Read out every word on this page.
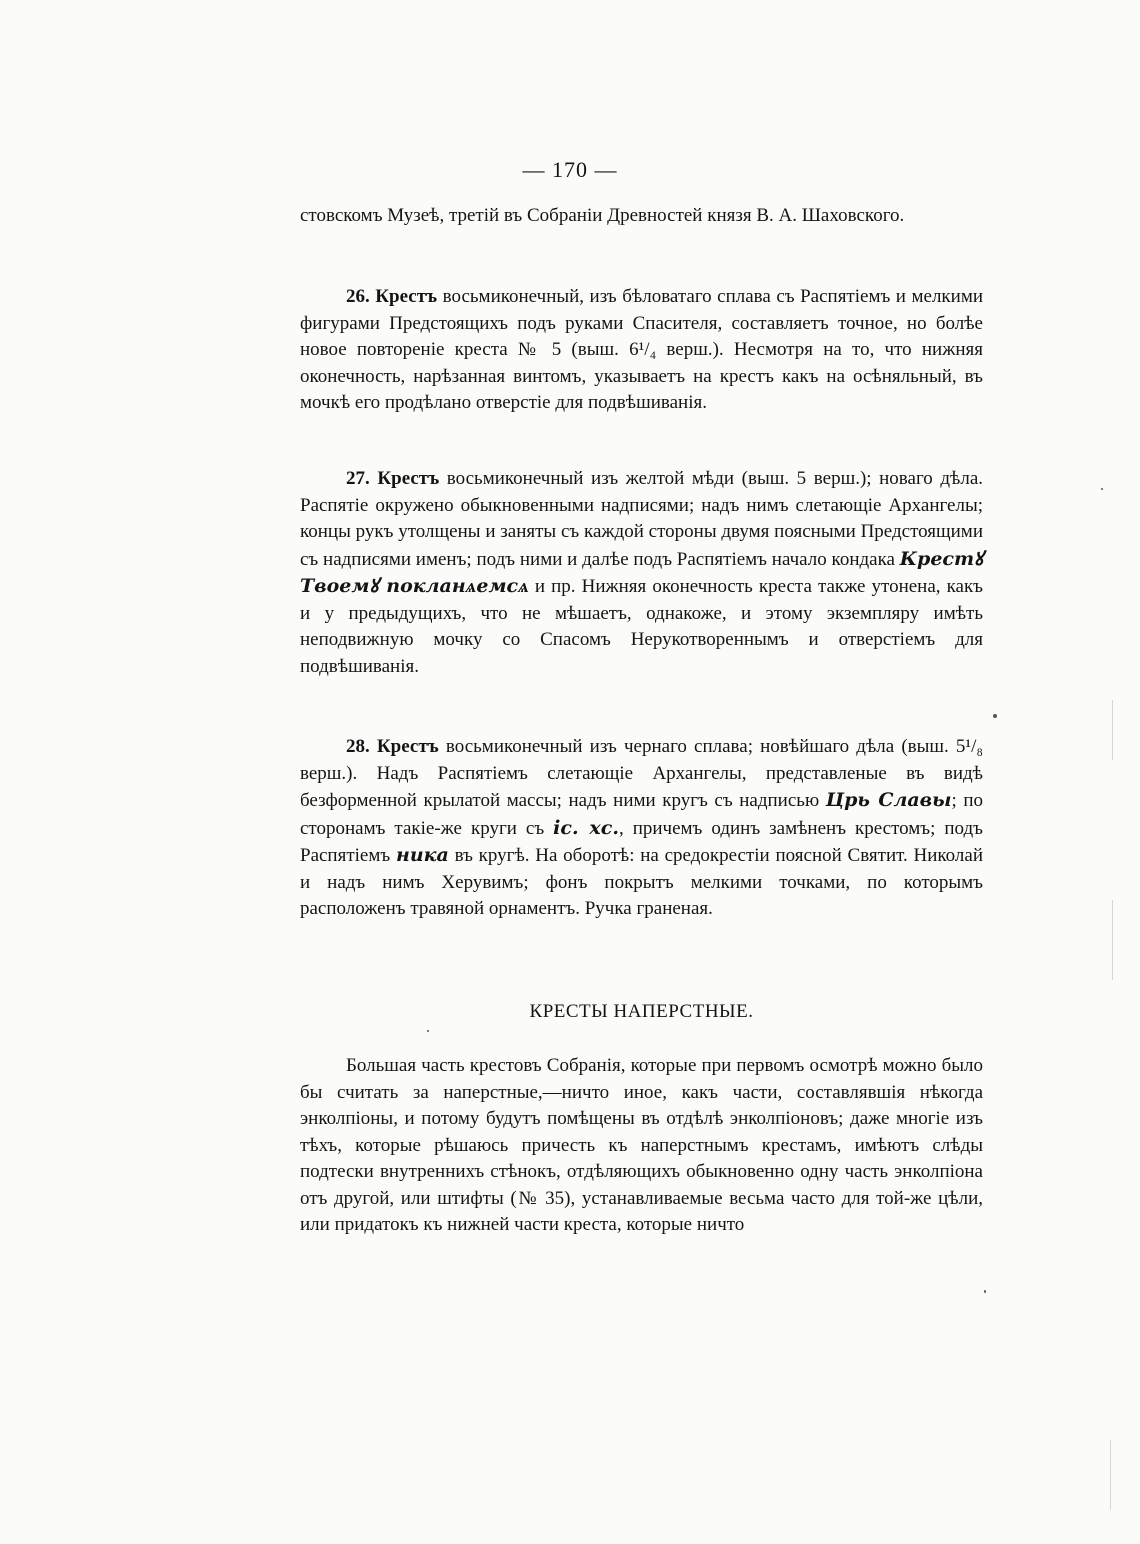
— 170 —

стовскомъ Музеѣ, третій въ Собраніи Древностей князя В. А. Шаховского.

26. Крестъ восьмиконечный, изъ бѣловатаго сплава съ Распятіемъ и мелкими фигурами Предстоящихъ подъ руками Спасителя, составляетъ точное, но болѣе новое повтореніе креста № 5 (выш. 6¹/₄ верш.). Несмотря на то, что нижняя оконечность, нарѣзанная винтомъ, указываетъ на крестъ какъ на осѣняльный, въ мочкѣ его продѣлано отверстіе для подвѣшиванія.

27. Крестъ восьмиконечный изъ желтой мѣди (выш. 5 верш.); новаго дѣла. Распятіе окружено обыкновенными надписями; надъ нимъ слетающіе Архангелы; концы рукъ утолщены и заняты съ каждой стороны двумя поясными Предстоящими съ надписями именъ; подъ ними и далѣе подъ Распятіемъ начало кондака Крестꙋ Твоемꙋ покланѧемсѧ и пр. Нижняя оконечность креста также утонена, какъ и у предыдущихъ, что не мѣшаетъ, однакоже, и этому экземпляру имѣть неподвижную мочку со Спасомъ Нерукотвореннымъ и отверстіемъ для подвѣшиванія.

28. Крестъ восьмиконечный изъ чернаго сплава; новѣйшаго дѣла (выш. 5¹/₈ верш.). Надъ Распятіемъ слетающіе Архангелы, представленые въ видѣ безформенной крылатой массы; надъ ними кругъ съ надписью Црь Славы; по сторонамъ такіе-же круги съ іс. хс., причемъ одинъ замѣненъ крестомъ; подъ Распятіемъ ника въ кругѣ. На оборотѣ: на средокрестіи поясной Святит. Николай и надъ нимъ Херувимъ; фонъ покрытъ мелкими точками, по которымъ расположенъ травяной орнаментъ. Ручка граненая.

КРЕСТЫ НАПЕРСТНЫЕ.

Большая часть крестовъ Собранія, которые при первомъ осмотрѣ можно было бы считать за наперстные,—ничто иное, какъ части, составлявшія нѣкогда энколпіоны, и потому будутъ помѣщены въ отдѣлѣ энколпіоновъ; даже многіе изъ тѣхъ, которые рѣшаюсь причесть къ наперстнымъ крестамъ, имѣютъ слѣды подтески внутреннихъ стѣнокъ, отдѣляющихъ обыкновенно одну часть энколпіона отъ другой, или штифты (№ 35), устанавливаемые весьма часто для той-же цѣли, или придатокъ къ нижней части креста, которые ничто
